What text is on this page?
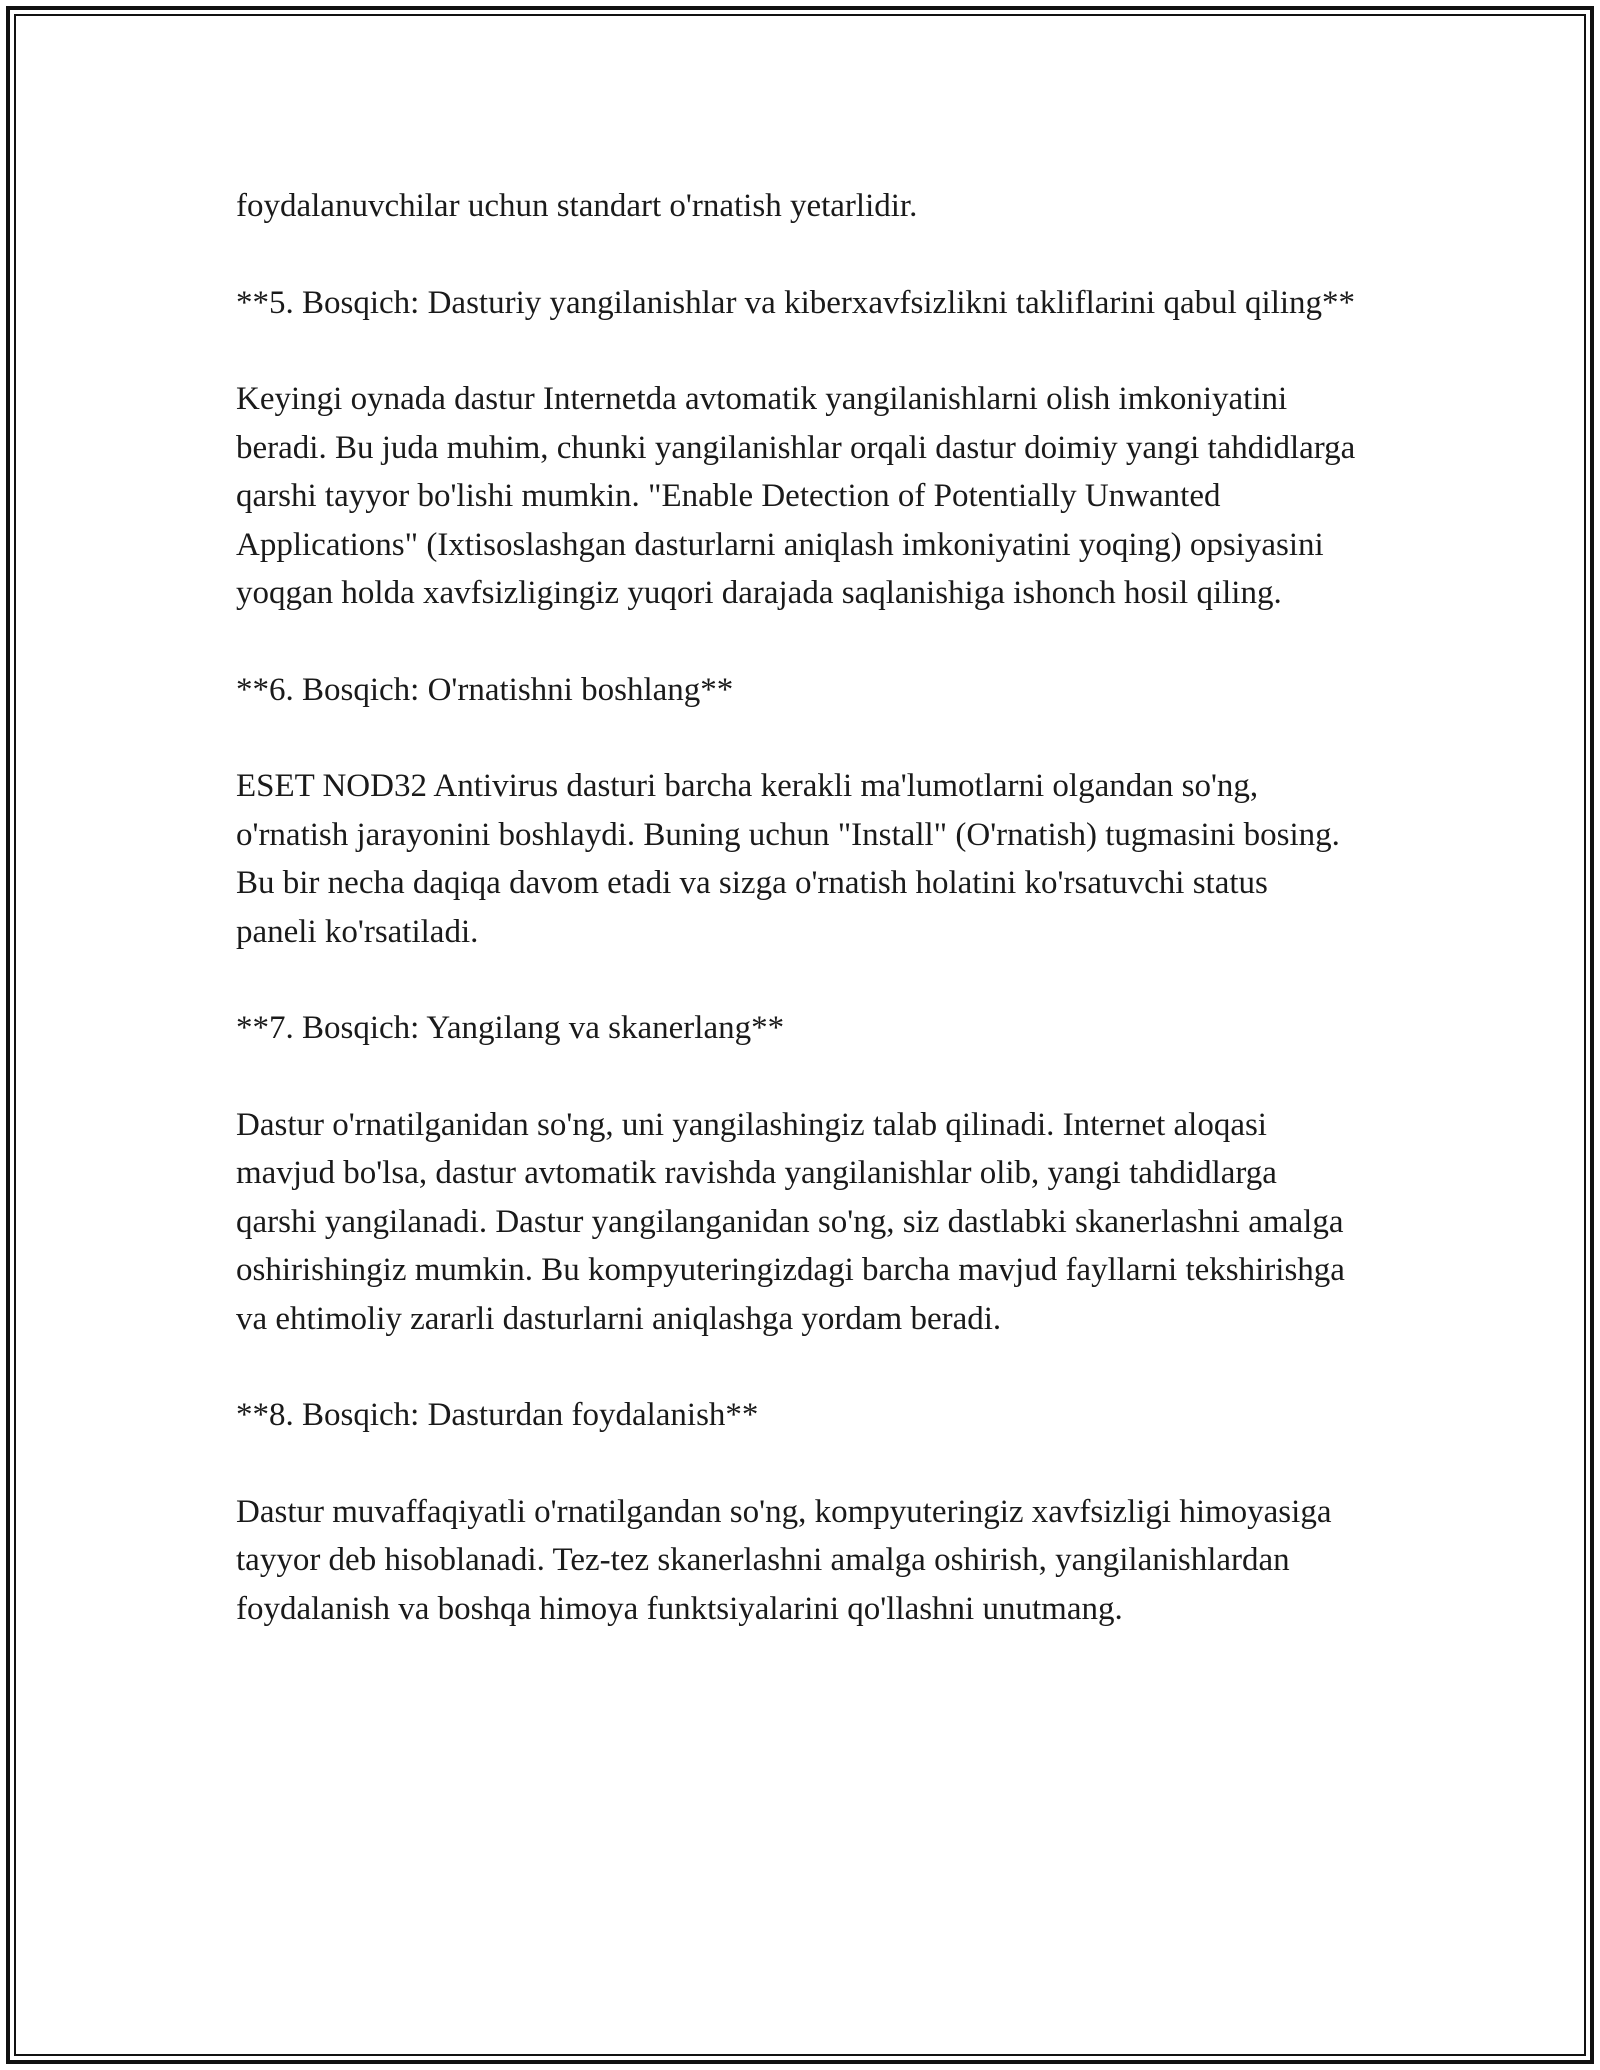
foydalanuvchilar uchun standart o'rnatish yetarlidir.

**5. Bosqich: Dasturiy yangilanishlar va kiberxavfsizlikni takliflarini qabul qiling**

Keyingi oynada dastur Internetda avtomatik yangilanishlarni olish imkoniyatini beradi. Bu juda muhim, chunki yangilanishlar orqali dastur doimiy yangi tahdidlarga qarshi tayyor bo'lishi mumkin. "Enable Detection of Potentially Unwanted Applications" (Ixtisoslashgan dasturlarni aniqlash imkoniyatini yoqing) opsiyasini yoqgan holda xavfsizligingiz yuqori darajada saqlanishiga ishonch hosil qiling.

**6. Bosqich: O'rnatishni boshlang**

ESET NOD32 Antivirus dasturi barcha kerakli ma'lumotlarni olgandan so'ng, o'rnatish jarayonini boshlaydi. Buning uchun "Install" (O'rnatish) tugmasini bosing. Bu bir necha daqiqa davom etadi va sizga o'rnatish holatini ko'rsatuvchi status paneli ko'rsatiladi.

**7. Bosqich: Yangilang va skanerlang**

Dastur o'rnatilganidan so'ng, uni yangilashingiz talab qilinadi. Internet aloqasi mavjud bo'lsa, dastur avtomatik ravishda yangilanishlar olib, yangi tahdidlarga qarshi yangilanadi. Dastur yangilanganidan so'ng, siz dastlabki skanerlashni amalga oshirishingiz mumkin. Bu kompyuteringizdagi barcha mavjud fayllarni tekshirishga va ehtimoliy zararli dasturlarni aniqlashga yordam beradi.

**8. Bosqich: Dasturdan foydalanish**

Dastur muvaffaqiyatli o'rnatilgandan so'ng, kompyuteringiz xavfsizligi himoyasiga tayyor deb hisoblanadi. Tez-tez skanerlashni amalga oshirish, yangilanishlardan foydalanish va boshqa himoya funktsiyalarini qo'llashni unutmang.
